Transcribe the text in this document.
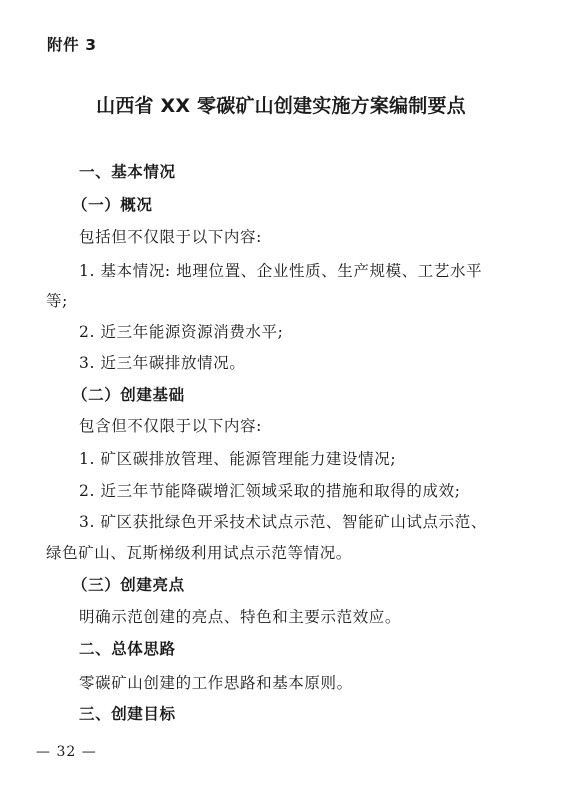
附件 3
山西省 XX 零碳矿山创建实施方案编制要点
一、基本情况
（一）概况
包括但不仅限于以下内容:
1. 基本情况: 地理位置、企业性质、生产规模、工艺水平
等;
2. 近三年能源资源消费水平;
3. 近三年碳排放情况。
（二）创建基础
包含但不仅限于以下内容:
1. 矿区碳排放管理、能源管理能力建设情况;
2. 近三年节能降碳增汇领域采取的措施和取得的成效;
3. 矿区获批绿色开采技术试点示范、智能矿山试点示范、
绿色矿山、瓦斯梯级利用试点示范等情况。
（三）创建亮点
明确示范创建的亮点、特色和主要示范效应。
二、总体思路
零碳矿山创建的工作思路和基本原则。
三、创建目标
— 32 —
